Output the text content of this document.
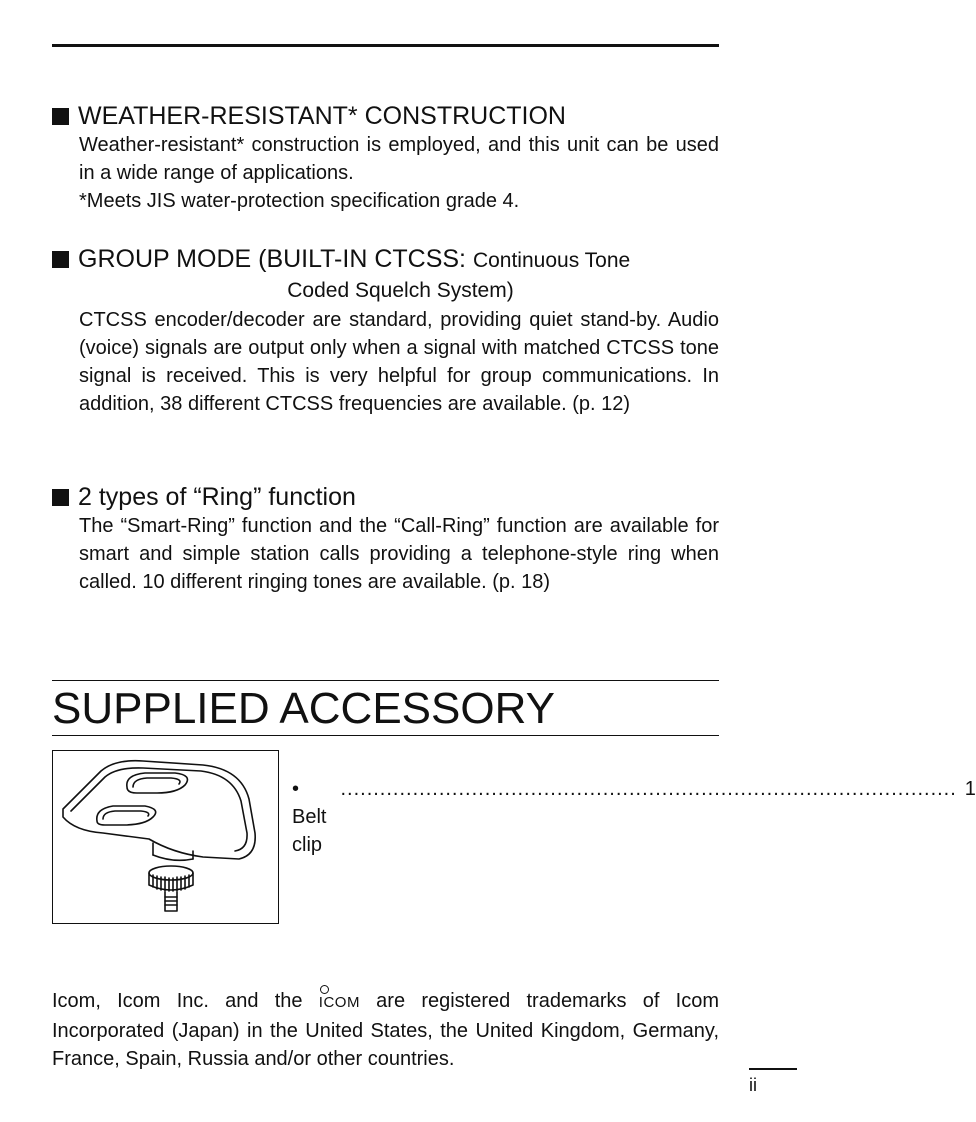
WEATHER-RESISTANT* CONSTRUCTION

Weather-resistant* construction is employed, and this unit can be used in a wide range of applications.

*Meets JIS water-protection specification grade 4.

GROUP MODE (BUILT-IN CTCSS: Continuous Tone
Coded Squelch System)

CTCSS encoder/decoder are standard, providing quiet stand-by. Audio (voice) signals are output only when a signal with matched CTCSS tone signal is received. This is very helpful for group communications. In addition, 38 different CTCSS frequencies are available. (p. 12)

2 types of “Ring” function

The “Smart-Ring” function and the “Call-Ring” function are available for smart and simple station calls providing a telephone-style ring when called. 10 different ringing tones are available. (p. 18)

SUPPLIED ACCESSORY
• Belt clip
.............................................................................................. 1
Icom, Icom Inc. and the
ICOM are registered trademarks of Icom Incorporated (Japan) in the United States, the United Kingdom, Germany, France, Spain, Russia and/or other countries.
ii
